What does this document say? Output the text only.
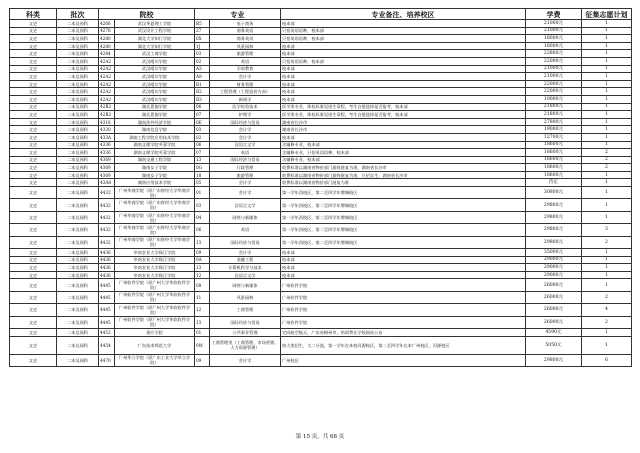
科类	批次	院校		专业		专业备注、培养校区	学费	征集志愿计划
文史	二本及预科	4266	武汉华夏理工学院	B5	电子商务	校本部	21000元	1
文史	二本及预科	4278	武汉设计工程学院	27	商务英语	只招英语语种，校本部	21000元	1
文史	二本及预科	4280	湖北大学知行学院	0X	商务英语	只招英语语种，校本部	18000元	1
文史	二本及预科	4280	湖北大学知行学院	1J	风景园林	校本部	18000元	1
文史	二本及预科	4284	武汉工商学院	03	旅游管理	校本部	22800元	1
文史	二本及预科	42A2	武汉晴川学院	02	英语	只招英语语种，校本部	22000元	1
文史	二本及预科	42A2	武汉晴川学院	A3	学前教育	校本部	21000元	1
文史	二本及预科	42A2	武汉晴川学院	A9	会计学	校本部	21000元	1
文史	二本及预科	42A2	武汉晴川学院	B1	财务管理	校本部	22000元	1
文史	二本及预科	42A2	武汉晴川学院	B2	工程管理（工程造价方向）	校本部	22000元	1
文史	二本及预科	42A2	武汉晴川学院	B3	新闻学	校本部	19000元	1
文史	二本及预科	42B2	湖北恩施学院	06	医学检验技术	医学类专业，体检标准见招生章程，考生自愿选择是否报考，校本部	21800元	1
文史	二本及预科	42B2	湖北恩施学院	07	护理学	医学类专业，体检标准见招生章程，考生自愿选择是否报考，校本部	21800元	1
文史	二本及预科	4318	湖南涉外经济学院	0E	国际经济与贸易	湖南省长沙市	27800元	1
文史	二本及预科	4330	湖南信息学院	03	会计学	湖南省长沙市	19000元	1
文史	二本及预科	433A	湖南工程学院应用技术学院	02	会计学	校本部	12700元	1
文史	二本及预科	4336	湖南文理学院芙蓉学院	06	汉语言文学	含辅修专业，校本部	18600元	1
文史	二本及预科	4336	湖南文理学院芙蓉学院	07	英语	含辅修专业，只招英语语种，校本部	18600元	2
文史	二本及预科	4369	湖南交通工程学院	13	国际经济与贸易	含辅修专业，校本部	18600元	2
文史	二本及预科	4369	湖南女子学院	0G	行政管理	收费标准以湖南省物价部门最终批复为准，湖南省长沙市	18600元	2
文史	二本及预科	4369	湖南女子学院	18	旅游管理	收费标准以湖南省物价部门最终批复为准，只招女生，湖南省长沙市	18600元	1
文史	二本及预科	43A8	湖南应用技术学院	05	会计学	收费标准以湖南省物价部门批复为准	待定	1
文史	二本及预科	4432	广州华商学院（原广东财经大学华商学院）	01	会计学	第一学年西校区，第二至四学年增城校区	30800元	1
文史	二本及预科	4432	广州华商学院（原广东财经大学华商学院）	03	汉语言文学	第一学年西校区，第二至四学年增城校区	29800元	1
文史	二本及预科	4432	广州华商学院（原广东财经大学华商学院）	04	网络与新媒体	第一学年西校区，第二至四学年增城校区	29800元	1
文史	二本及预科	4432	广州华商学院（原广东财经大学华商学院）	06	英语	第一学年西校区，第二至四学年增城校区	29800元	3
文史	二本及预科	4432	广州华商学院（原广东财经大学华商学院）	13	国际经济与贸易	第一学年西校区，第二至四学年增城校区	29800元	2
文史	二本及预科	4436	华南农业大学珠江学院	09	会计学	校本部	35000元	1
文史	二本及预科	4436	华南农业大学珠江学院	0A	金融工程	校本部	29000元	1
文史	二本及预科	4436	华南农业大学珠江学院	13	计算机科学与技术	校本部	29000元	1
文史	二本及预科	4436	华南农业大学珠江学院	12	汉语言文学	校本部	29000元	1
文史	二本及预科	4445	广州软件学院（原广州大学华软软件学院）	08	网络与新媒体	广州软件学院	26000元	1
文史	二本及预科	4445	广州软件学院（原广州大学华软软件学院）	11	风景园林	广州软件学院	26000元	2
文史	二本及预科	4445	广州软件学院（原广州大学华软软件学院）	12	工商管理	广州软件学院	26000元	4
文史	二本及预科	4445	广州软件学院（原广州大学华软软件学院）	13	国际经济与贸易	广州软件学院	26000元	2
文史	二本及预科	4453	嘉应学院	01	公共事业管理	定向航空航天，广东省梅州市，培训费在学校网站公布	4590元	1
文史	二本及预科	4454	广东技术师范大学	0W	工商管理类（工商管理、市场营销、人力资源管理）	按大类招生，大二分流，第一学年在本校河源校区，第二至四学年在本广州校区，河源校区	5050元	1
文史	二本及预科	4470	广州华立学院（原广东工业大学华立学院）	09	会计学	广州校区	29800元	6
第 15 页，共 68 页
